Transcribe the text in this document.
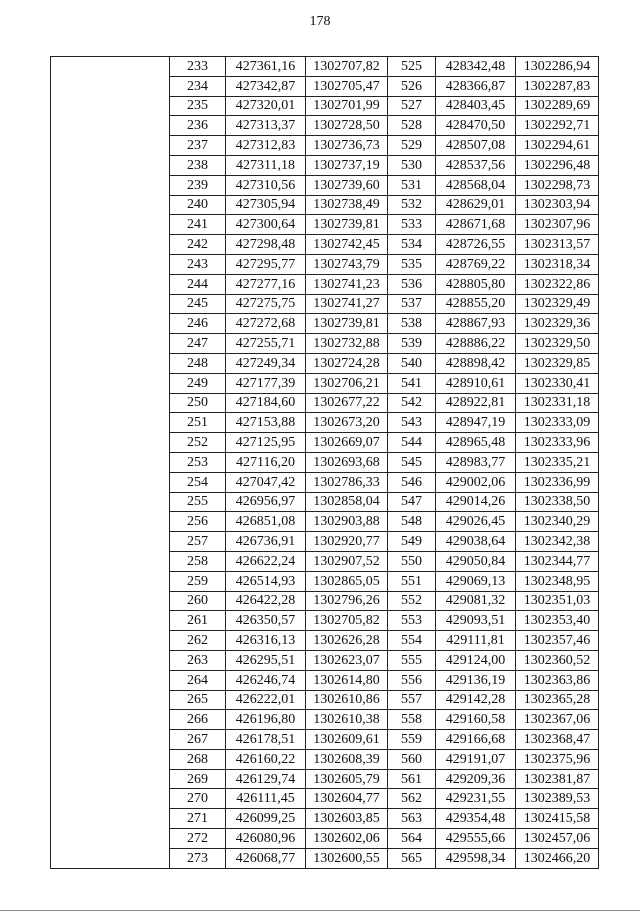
178
	233	427361,16	1302707,82	525	428342,48	1302286,94
	234	427342,87	1302705,47	526	428366,87	1302287,83
	235	427320,01	1302701,99	527	428403,45	1302289,69
	236	427313,37	1302728,50	528	428470,50	1302292,71
	237	427312,83	1302736,73	529	428507,08	1302294,61
	238	427311,18	1302737,19	530	428537,56	1302296,48
	239	427310,56	1302739,60	531	428568,04	1302298,73
	240	427305,94	1302738,49	532	428629,01	1302303,94
	241	427300,64	1302739,81	533	428671,68	1302307,96
	242	427298,48	1302742,45	534	428726,55	1302313,57
	243	427295,77	1302743,79	535	428769,22	1302318,34
	244	427277,16	1302741,23	536	428805,80	1302322,86
	245	427275,75	1302741,27	537	428855,20	1302329,49
	246	427272,68	1302739,81	538	428867,93	1302329,36
	247	427255,71	1302732,88	539	428886,22	1302329,50
	248	427249,34	1302724,28	540	428898,42	1302329,85
	249	427177,39	1302706,21	541	428910,61	1302330,41
	250	427184,60	1302677,22	542	428922,81	1302331,18
	251	427153,88	1302673,20	543	428947,19	1302333,09
	252	427125,95	1302669,07	544	428965,48	1302333,96
	253	427116,20	1302693,68	545	428983,77	1302335,21
	254	427047,42	1302786,33	546	429002,06	1302336,99
	255	426956,97	1302858,04	547	429014,26	1302338,50
	256	426851,08	1302903,88	548	429026,45	1302340,29
	257	426736,91	1302920,77	549	429038,64	1302342,38
	258	426622,24	1302907,52	550	429050,84	1302344,77
	259	426514,93	1302865,05	551	429069,13	1302348,95
	260	426422,28	1302796,26	552	429081,32	1302351,03
	261	426350,57	1302705,82	553	429093,51	1302353,40
	262	426316,13	1302626,28	554	429111,81	1302357,46
	263	426295,51	1302623,07	555	429124,00	1302360,52
	264	426246,74	1302614,80	556	429136,19	1302363,86
	265	426222,01	1302610,86	557	429142,28	1302365,28
	266	426196,80	1302610,38	558	429160,58	1302367,06
	267	426178,51	1302609,61	559	429166,68	1302368,47
	268	426160,22	1302608,39	560	429191,07	1302375,96
	269	426129,74	1302605,79	561	429209,36	1302381,87
	270	426111,45	1302604,77	562	429231,55	1302389,53
	271	426099,25	1302603,85	563	429354,48	1302415,58
	272	426080,96	1302602,06	564	429555,66	1302457,06
	273	426068,77	1302600,55	565	429598,34	1302466,20
